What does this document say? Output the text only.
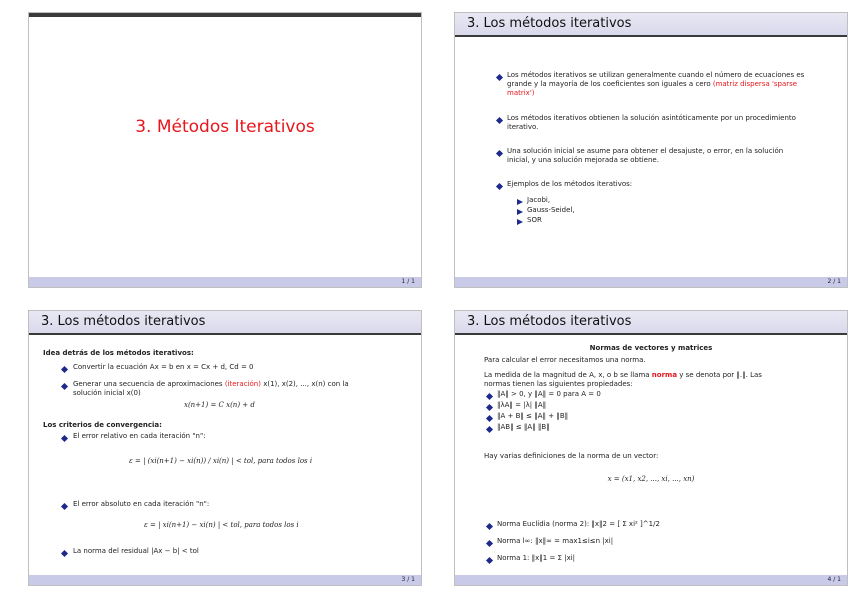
3. Métodos Iterativos
1 / 1
3. Los métodos iterativos
Los métodos iterativos se utilizan generalmente cuando el número de ecuaciones es grande y la mayoría de los coeficientes son iguales a cero (matriz dispersa 'sparse matrix')
Los métodos iterativos obtienen la solución asintóticamente por un procedimiento iterativo.
Una solución inicial se asume para obtener el desajuste, o error, en la solución inicial, y una solución mejorada se obtiene.
Ejemplos de los métodos iterativos:
Jacobi,
Gauss-Seidel,
SOR
2 / 1
3. Los métodos iterativos
Idea detrás de los métodos iterativos:
Convertir la ecuación Ax = b en x = Cx + d, Cd = 0
Generar una secuencia de aproximaciones (iteración) x(1), x(2), ..., x(n) con la
solución inicial x(0)
x(n+1) = C x(n) + d
Los criterios de convergencia:
El error relativo en cada iteración "n":
ε = | (xi(n+1) − xi(n)) / xi(n) | < tol, para todos los i
El error absoluto en cada iteración "n":
ε = | xi(n+1) − xi(n) | < tol, para todos los i
La norma del residual |Ax − b| < tol
3 / 1
3. Los métodos iterativos
Normas de vectores y matrices
Para calcular el error necesitamos una norma.
La medida de la magnitud de A, x, o b se llama norma y se denota por ‖.‖. Las
normas tienen las siguientes propiedades:
‖A‖ > 0, y ‖A‖ = 0 para A = 0
‖λA‖ = |λ| ‖A‖
‖A + B‖ ≤ ‖A‖ + ‖B‖
‖AB‖ ≤ ‖A‖ ‖B‖
Hay varias definiciones de la norma de un vector:
x = (x1, x2, ..., xi, ..., xn)
Norma Euclídia (norma 2): ‖x‖2 = [ Σ xi² ]^1/2
Norma l∞: ‖x‖∞ = max1≤i≤n |xi|
Norma 1: ‖x‖1 = Σ |xi|
4 / 1
